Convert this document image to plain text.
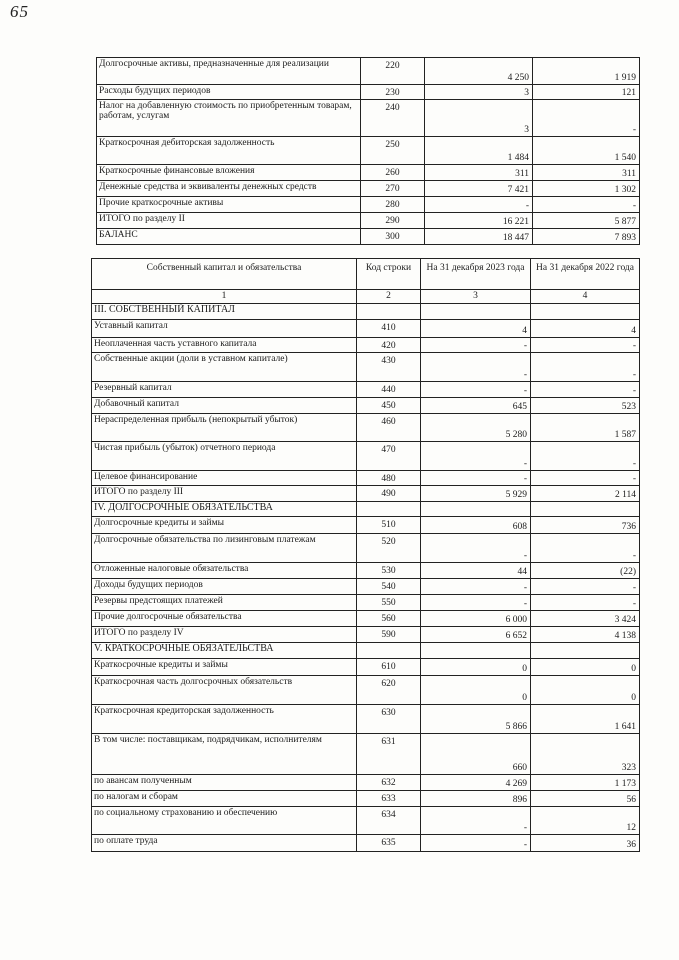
65
Долгосрочные активы, предназначенные для реализации	220	4 250	1 919
Расходы будущих периодов	230	3	121
Налог на добавленную стоимость по приобретенным товарам, работам, услугам	240	3	-
Краткосрочная дебиторская задолженность	250	1 484	1 540
Краткосрочные финансовые вложения	260	311	311
Денежные средства и эквиваленты денежных средств	270	7 421	1 302
Прочие краткосрочные активы	280	-	-
ИТОГО по разделу II	290	16 221	5 877
БАЛАНС	300	18 447	7 893
Собственный капитал и обязательства	Код строки	На 31 декабря 2023 года	На 31 декабря 2022 года
1	2	3	4
III. СОБСТВЕННЫЙ КАПИТАЛ			
Уставный капитал	410	4	4
Неоплаченная часть уставного капитала	420	-	-
Собственные акции (доли в уставном капитале)	430	-	-
Резервный капитал	440	-	-
Добавочный капитал	450	645	523
Нераспределенная прибыль (непокрытый убыток)	460	5 280	1 587
Чистая прибыль (убыток) отчетного периода	470	-	-
Целевое финансирование	480	-	-
ИТОГО по разделу III	490	5 929	2 114
IV. ДОЛГОСРОЧНЫЕ ОБЯЗАТЕЛЬСТВА			
Долгосрочные кредиты и займы	510	608	736
Долгосрочные обязательства по лизинговым платежам	520	-	-
Отложенные налоговые обязательства	530	44	(22)
Доходы будущих периодов	540	-	-
Резервы предстоящих платежей	550	-	-
Прочие долгосрочные обязательства	560	6 000	3 424
ИТОГО по разделу IV	590	6 652	4 138
V. КРАТКОСРОЧНЫЕ ОБЯЗАТЕЛЬСТВА			
Краткосрочные кредиты и займы	610	0	0
Краткосрочная часть долгосрочных обязательств	620	0	0
Краткосрочная кредиторская задолженность	630	5 866	1 641
В том числе: поставщикам, подрядчикам, исполнителям	631	660	323
по авансам полученным	632	4 269	1 173
по налогам и сборам	633	896	56
по социальному страхованию и обеспечению	634	-	12
по оплате труда	635	-	36
